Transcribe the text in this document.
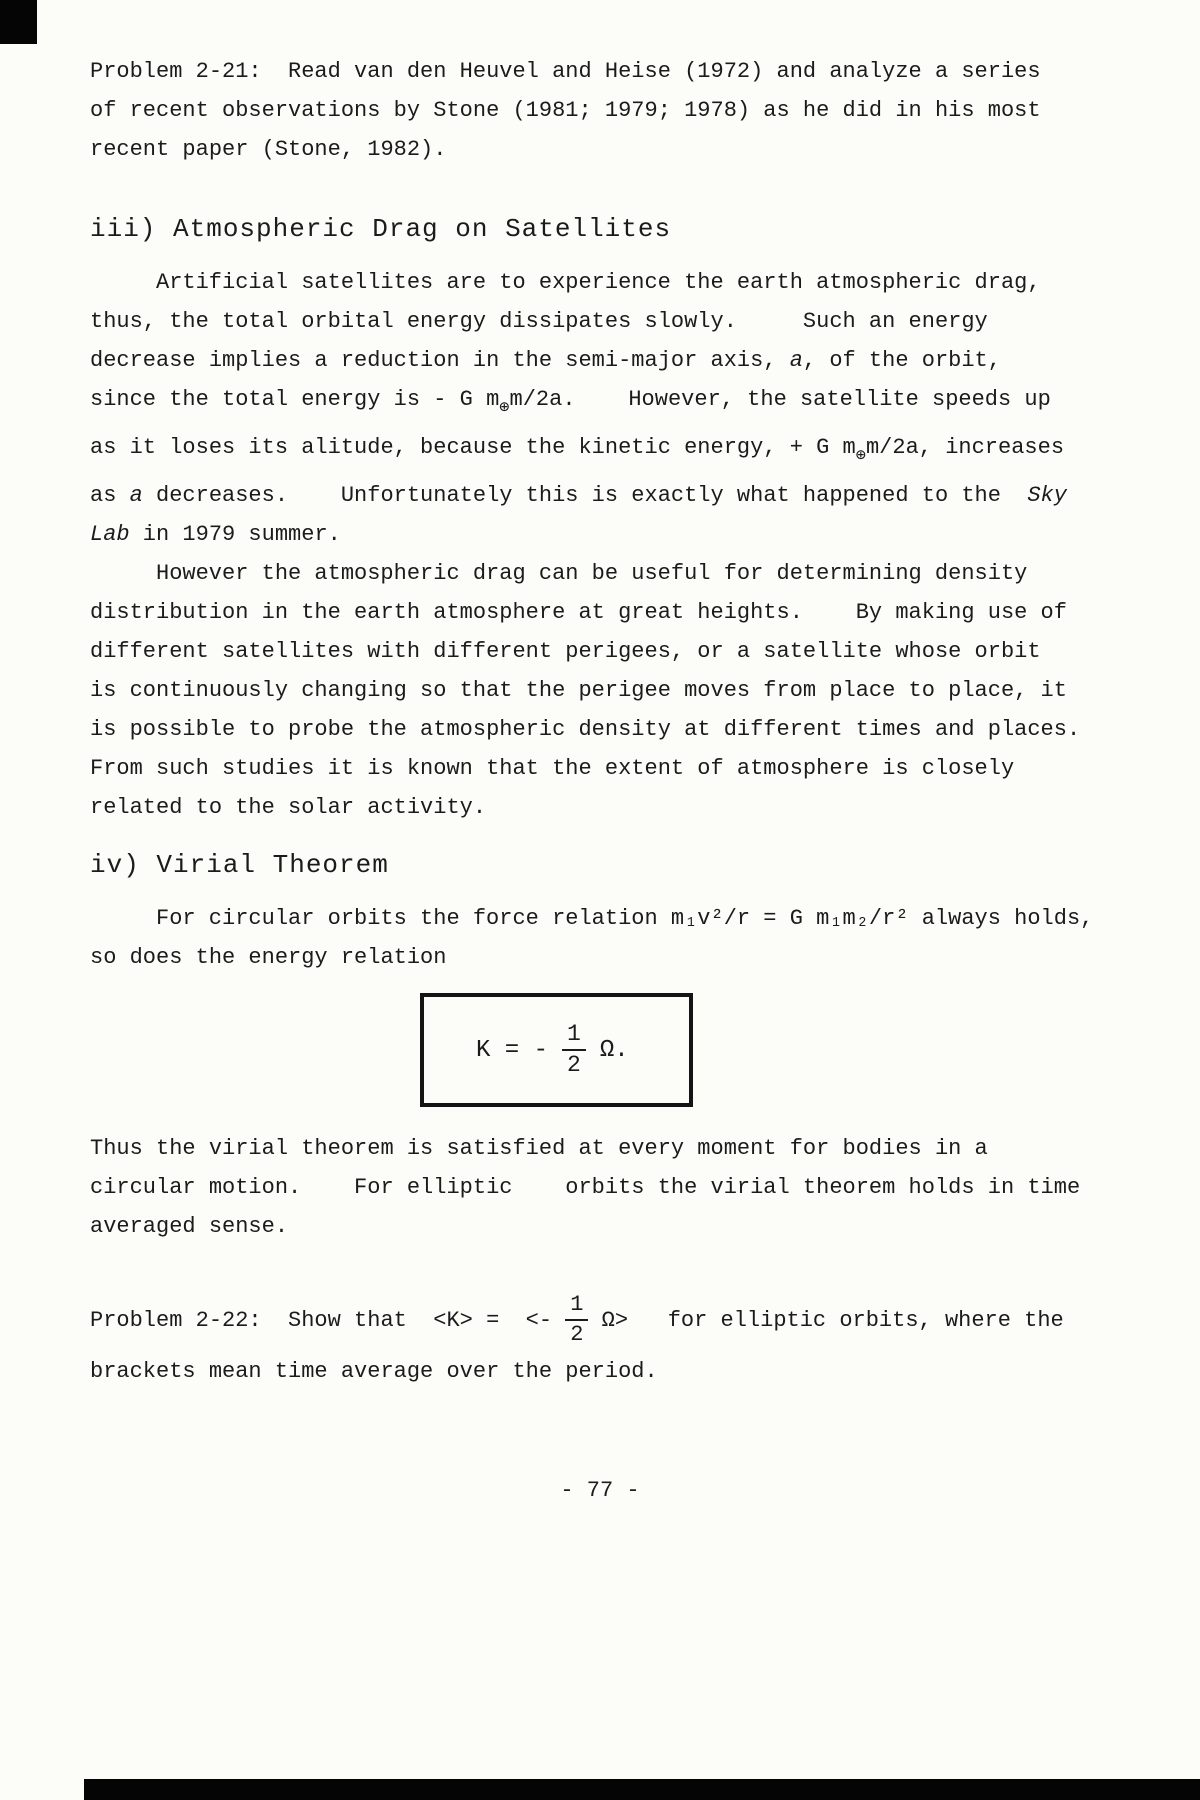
Problem 2-21:  Read van den Heuvel and Heise (1972) and analyze a series
of recent observations by Stone (1981; 1979; 1978) as he did in his most
recent paper (Stone, 1982).
iii) Atmospheric Drag on Satellites
Artificial satellites are to experience the earth atmospheric drag,
thus, the total orbital energy dissipates slowly.     Such an energy
decrease implies a reduction in the semi-major axis, a, of the orbit,
since the total energy is - G $m_\oplus m/2a$.    However, the satellite speeds up
as it loses its alitude, because the kinetic energy, + G $m_\oplus m/2a$, increases
as a decreases.    Unfortunately this is exactly what happened to the  Sky
Lab in 1979 summer.
However the atmospheric drag can be useful for determining density
distribution in the earth atmosphere at great heights.    By making use of
different satellites with different perigees, or a satellite whose orbit
is continuously changing so that the perigee moves from place to place, it
is possible to probe the atmospheric density at different times and places.
From such studies it is known that the extent of atmosphere is closely
related to the solar activity.
iv) Virial Theorem
For circular orbits the force relation m₁v²/r = G m₁m₂/r² always holds,
so does the energy relation
K = - $\frac{1}{2} \Omega$.
Thus the virial theorem is satisfied at every moment for bodies in a
circular motion.    For elliptic    orbits the virial theorem holds in time
averaged sense.
Problem 2-22:  Show that  <K> =  <- $\frac{1}{2} \Omega>$   for elliptic orbits, where the
brackets mean time average over the period.
- 77 -
